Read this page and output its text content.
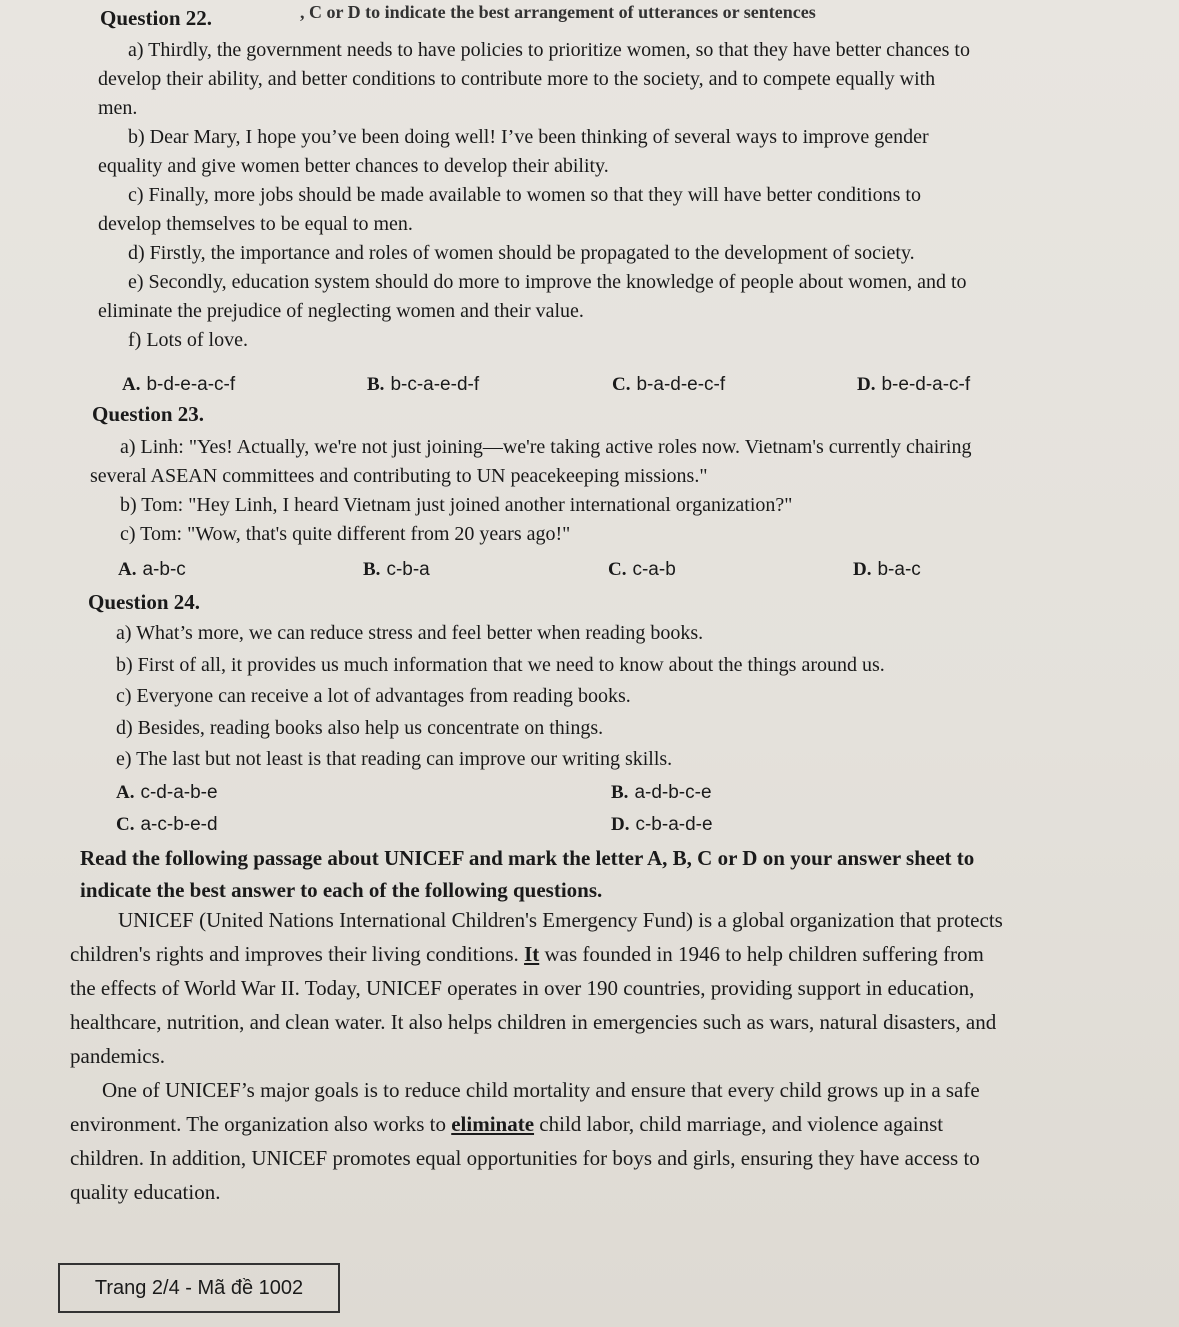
, C or D to indicate the best arrangement of utterances or sentences
Question 22.
a) Thirdly, the government needs to have policies to prioritize women, so that they have better chances to
develop their ability, and better conditions to contribute more to the society, and to compete equally with
men.
b) Dear Mary, I hope you’ve been doing well! I’ve been thinking of several ways to improve gender
equality and give women better chances to develop their ability.
c) Finally, more jobs should be made available to women so that they will have better conditions to
develop themselves to be equal to men.
d) Firstly, the importance and roles of women should be propagated to the development of society.
e) Secondly, education system should do more to improve the knowledge of people about women, and to
eliminate the prejudice of neglecting women and their value.
f) Lots of love.
A. b-d-e-a-c-f	B. b-c-a-e-d-f	C. b-a-d-e-c-f	D. b-e-d-a-c-f
Question 23.
a) Linh: "Yes! Actually, we're not just joining—we're taking active roles now. Vietnam's currently chairing
several ASEAN committees and contributing to UN peacekeeping missions."
b) Tom: "Hey Linh, I heard Vietnam just joined another international organization?"
c) Tom: "Wow, that's quite different from 20 years ago!"
A. a-b-c	B. c-b-a	C. c-a-b	D. b-a-c
Question 24.
a) What’s more, we can reduce stress and feel better when reading books.
b) First of all, it provides us much information that we need to know about the things around us.
c) Everyone can receive a lot of advantages from reading books.
d) Besides, reading books also help us concentrate on things.
e) The last but not least is that reading can improve our writing skills.
A. c-d-a-b-e	B. a-d-b-c-e
C. a-c-b-e-d	D. c-b-a-d-e
Read the following passage about UNICEF and mark the letter A, B, C or D on your answer sheet to
indicate the best answer to each of the following questions.
UNICEF (United Nations International Children's Emergency Fund) is a global organization that protects
children's rights and improves their living conditions. It was founded in 1946 to help children suffering from
the effects of World War II. Today, UNICEF operates in over 190 countries, providing support in education,
healthcare, nutrition, and clean water. It also helps children in emergencies such as wars, natural disasters, and
pandemics.
One of UNICEF’s major goals is to reduce child mortality and ensure that every child grows up in a safe
environment. The organization also works to eliminate child labor, child marriage, and violence against
children. In addition, UNICEF promotes equal opportunities for boys and girls, ensuring they have access to
quality education.
Trang 2/4 - Mã đề 1002
